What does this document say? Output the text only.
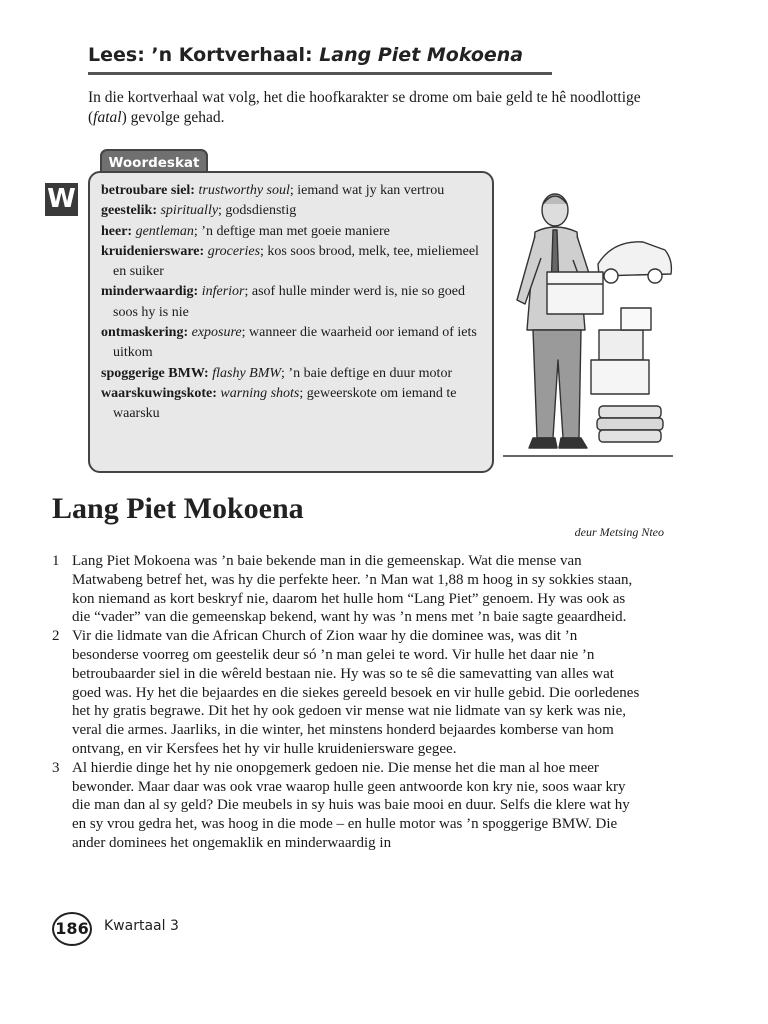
Lees: ’n Kortverhaal: Lang Piet Mokoena

In die kortverhaal wat volg, het die hoofkarakter se drome om baie geld te hê noodlottige (fatal) gevolge gehad.

W
Woordeskat

betroubare siel: trustworthy soul; iemand wat jy kan vertrou

geestelik: spiritually; godsdienstig

heer: gentleman; ’n deftige man met goeie maniere

kruideniersware: groceries; kos soos brood, melk, tee, mieliemeel en suiker

minderwaardig: inferior; asof hulle minder werd is, nie so goed soos hy is nie

ontmaskering: exposure; wanneer die waarheid oor iemand of iets uitkom

spoggerige BMW: flashy BMW; ’n baie deftige en duur motor

waarskuwingskote: warning shots; geweerskote om iemand te waarsku

Lang Piet Mokoena

deur Metsing Nteo

1 Lang Piet Mokoena was ’n baie bekende man in die gemeenskap. Wat die mense van Matwabeng betref het, was hy die perfekte heer. ’n Man wat 1,88 m hoog in sy sokkies staan, kon niemand as kort beskryf nie, daarom het hulle hom “Lang Piet” genoem. Hy was ook as die “vader” van die gemeenskap bekend, want hy was ’n mens met ’n baie sagte geaardheid.

2 Vir die lidmate van die African Church of Zion waar hy die dominee was, was dit ’n besonderse voorreg om geestelik deur só ’n man gelei te word. Vir hulle het daar nie ’n betroubaarder siel in die wêreld bestaan nie. Hy was so te sê die samevatting van alles wat goed was. Hy het die bejaardes en die siekes gereeld besoek en vir hulle gebid. Die oorledenes het hy gratis begrawe. Dit het hy ook gedoen vir mense wat nie lidmate van sy kerk was nie, veral die armes. Jaarliks, in die winter, het minstens honderd bejaardes komberse van hom ontvang, en vir Kersfees het hy vir hulle kruideniersware gegee.

3 Al hierdie dinge het hy nie onopgemerk gedoen nie. Die mense het die man al hoe meer bewonder. Maar daar was ook vrae waarop hulle geen antwoorde kon kry nie, soos waar kry die man dan al sy geld? Die meubels in sy huis was baie mooi en duur. Selfs die klere wat hy en sy vrou gedra het, was hoog in die mode – en hulle motor was ’n spoggerige BMW. Die ander dominees het ongemaklik en minderwaardig in

186 Kwartaal 3
